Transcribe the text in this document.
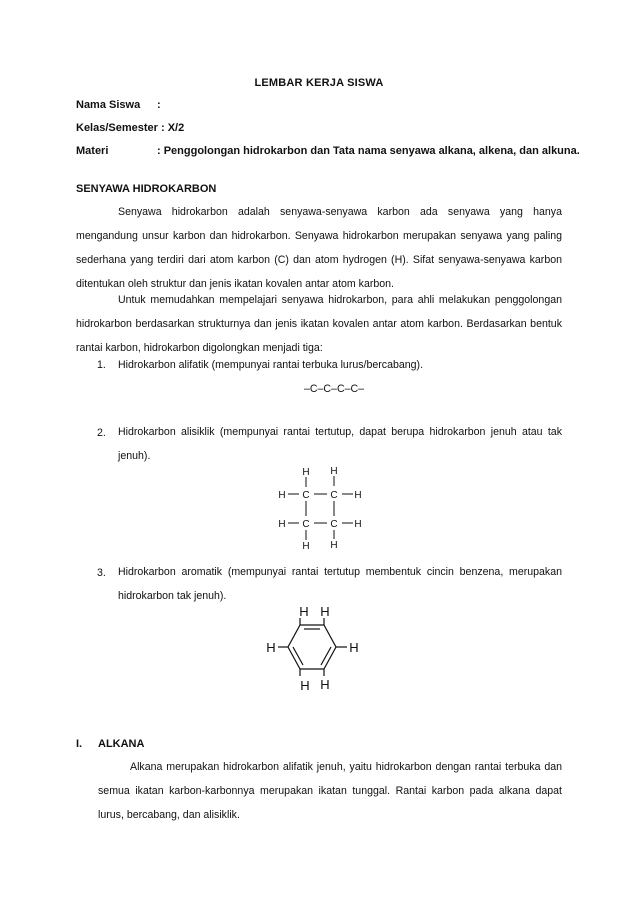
LEMBAR KERJA SISWA
Nama Siswa :
Kelas/Semester : X/2
Materi	: Penggolongan hidrokarbon dan Tata nama senyawa alkana, alkena, dan alkuna.
SENYAWA HIDROKARBON
Senyawa hidrokarbon adalah senyawa-senyawa karbon ada senyawa yang hanya mengandung unsur karbon dan hidrokarbon. Senyawa hidrokarbon merupakan senyawa yang paling sederhana yang terdiri dari atom karbon (C) dan atom hydrogen (H). Sifat senyawa-senyawa karbon ditentukan oleh struktur dan jenis ikatan kovalen antar atom karbon.
Untuk memudahkan mempelajari senyawa hidrokarbon, para ahli melakukan penggolongan hidrokarbon berdasarkan strukturnya dan jenis ikatan kovalen antar atom karbon. Berdasarkan bentuk rantai karbon, hidrokarbon digolongkan menjadi tiga:
1. Hidrokarbon alifatik (mempunyai rantai terbuka lurus/bercabang).
–C–C–C–C–
2. Hidrokarbon alisiklik (mempunyai rantai tertutup, dapat berupa hidrokarbon jenuh atau tak jenuh).
C C
C C
H H
H	H
H	H
H H
3. Hidrokarbon aromatik (mempunyai rantai tertutup membentuk cincin benzena, merupakan hidrokarbon tak jenuh).
H H
H	H
H H
I. ALKANA
Alkana merupakan hidrokarbon alifatik jenuh, yaitu hidrokarbon dengan rantai terbuka dan semua ikatan karbon-karbonnya merupakan ikatan tunggal. Rantai karbon pada alkana dapat lurus, bercabang, dan alisiklik.
